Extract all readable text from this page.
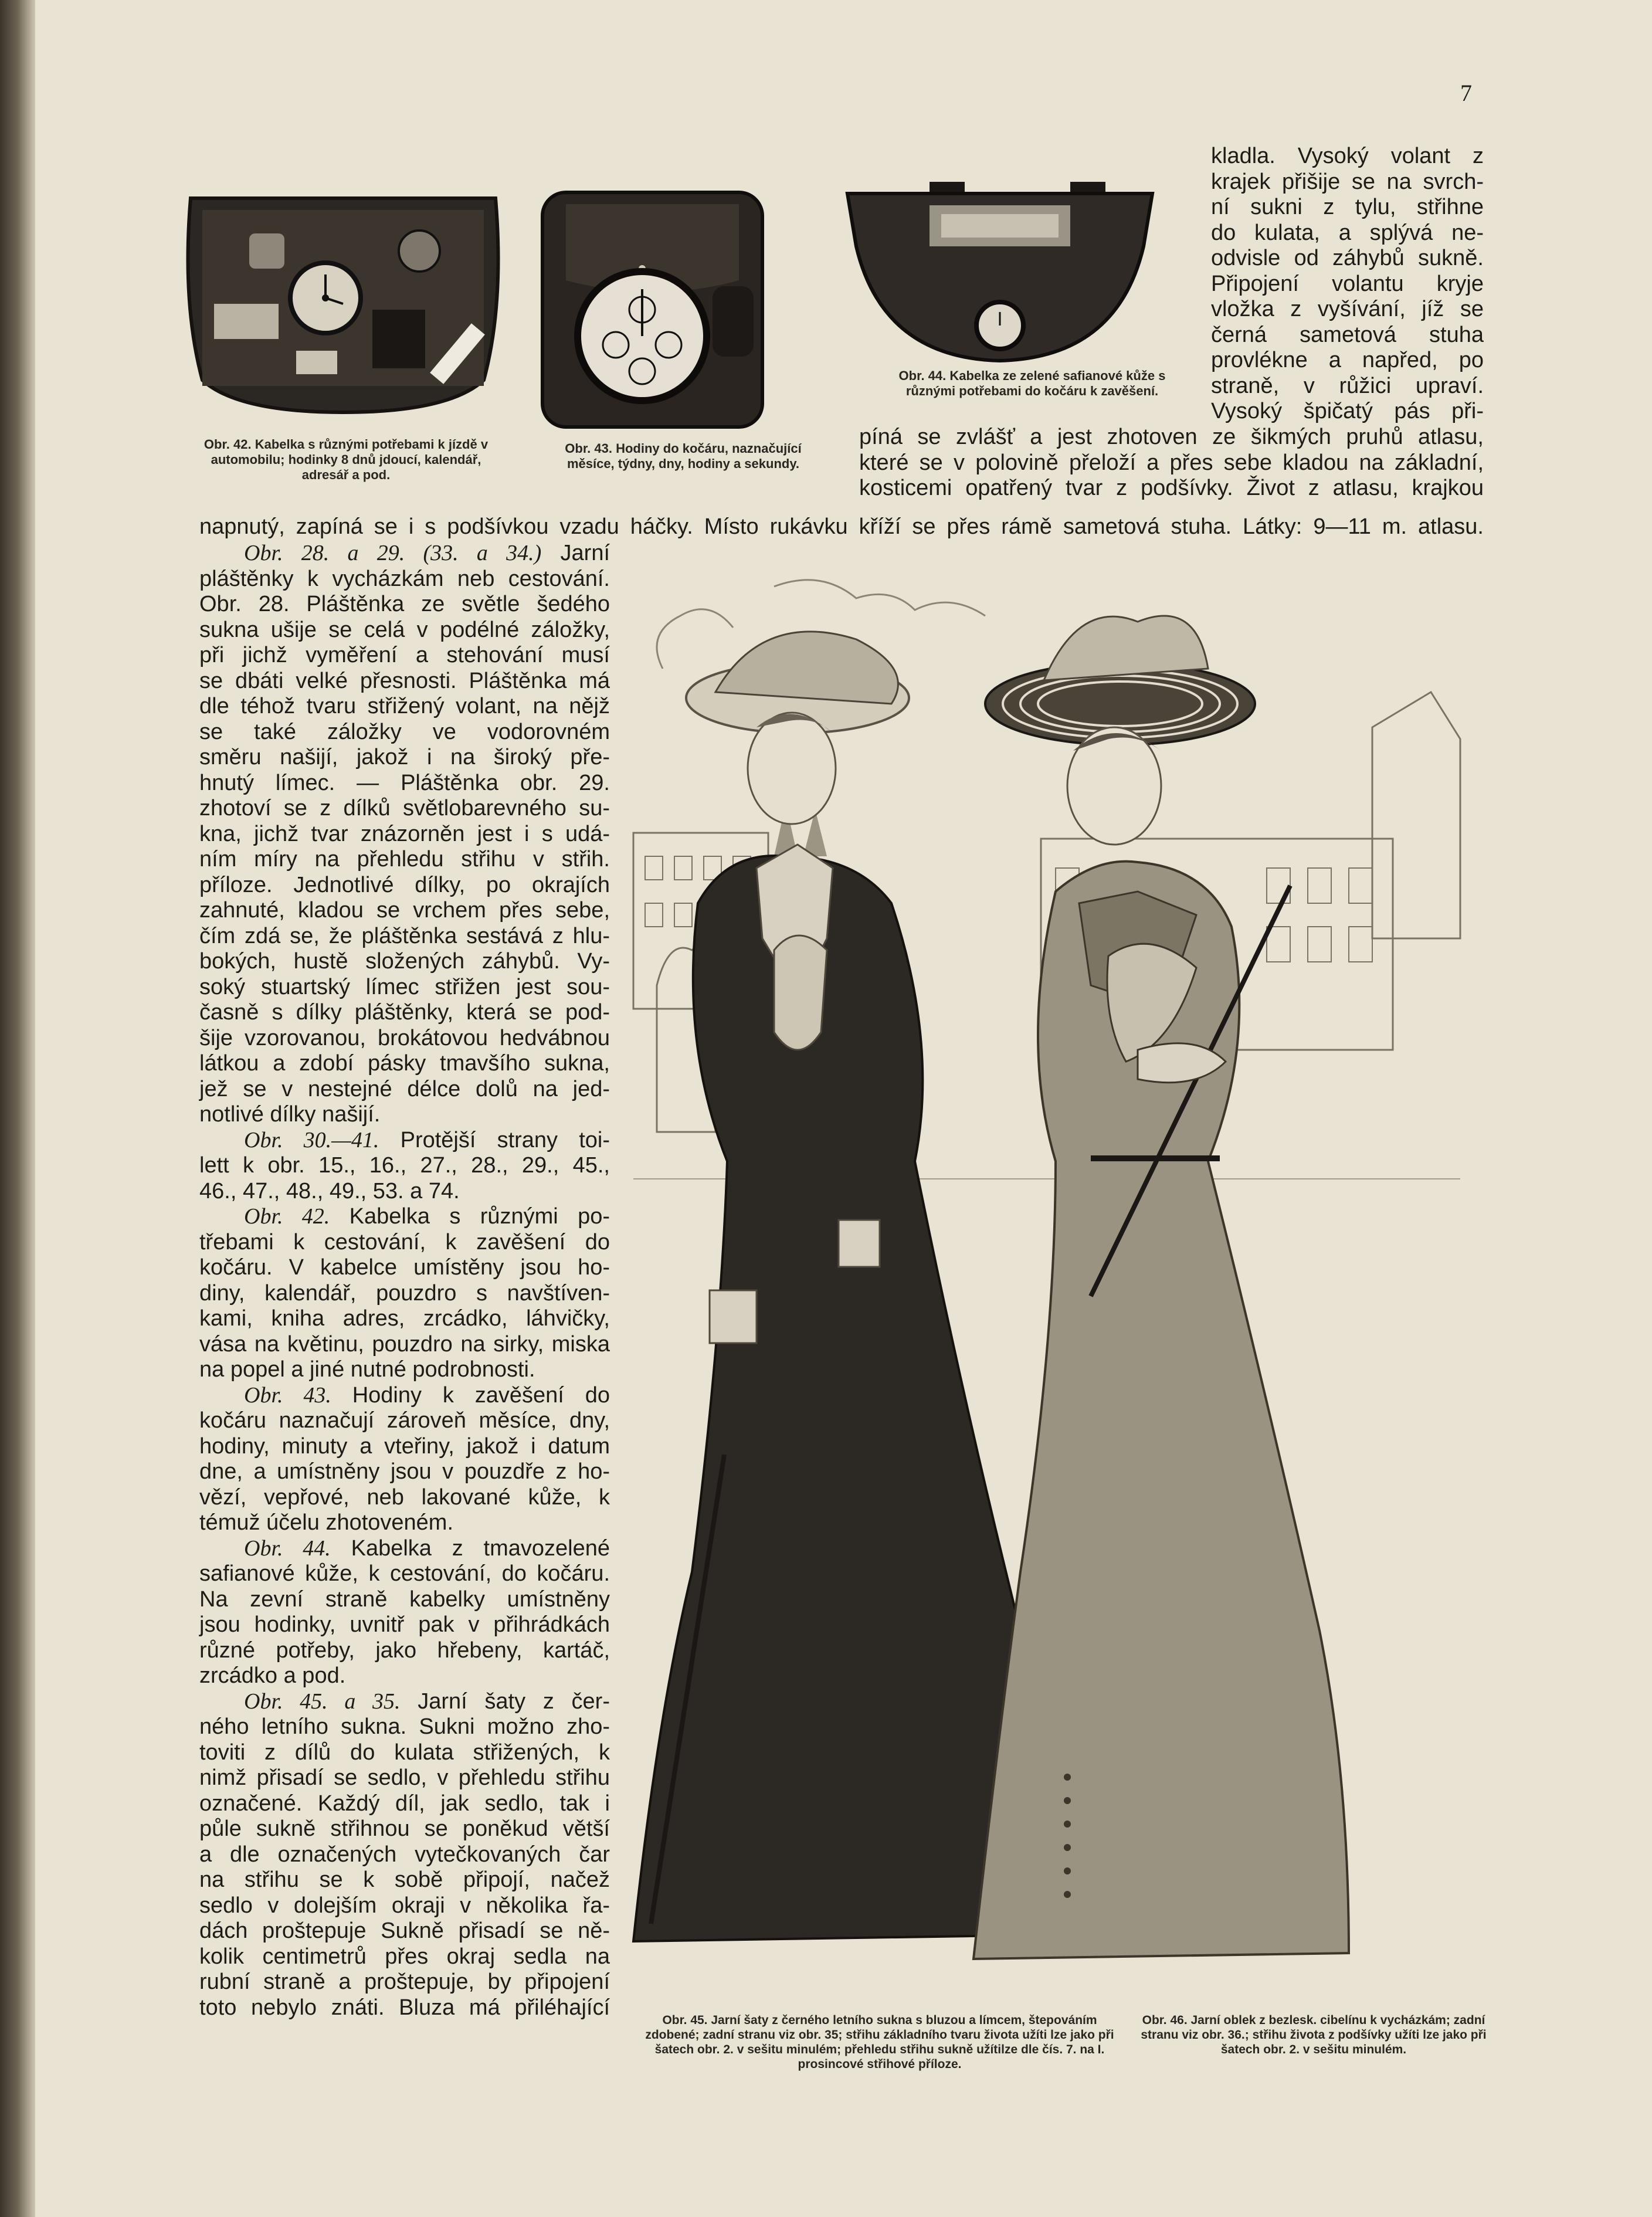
7
Obr. 42. Kabelka s různými potřebami k jízdě v automobilu; hodinky 8 dnů jdoucí, kalendář, adresář a pod.
Obr. 43. Hodiny do kočáru, naznačující měsíce, týdny, dny, hodiny a sekundy.
Obr. 44. Kabelka ze zelené safianové kůže s různými potřebami do kočáru k zavěšení.

kladla. Vysoký volant z

krajek přišije se na svrch-

ní sukni z tylu, střihne

do kulata, a splývá ne-

odvisle od záhybů sukně.

Připojení volantu kryje

vložka z vyšívání, jíž se

černá sametová stuha

provlékne a napřed, po

straně, v růžici upraví.

Vysoký špičatý pás při-

píná se zvlášť a jest zhotoven ze šikmých pruhů atlasu,

které se v polovině přeloží a přes sebe kladou na základní,

kosticemi opatřený tvar z podšívky. Život z atlasu, krajkou

napnutý, zapíná se i s podšívkou vzadu háčky. Místo rukávku kříží se přes rámě sametová stuha. Látky: 9—11 m. atlasu.

Obr. 28. a 29. (33. a 34.) Jarní

pláštěnky k vycházkám neb cestování.

Obr. 28. Pláštěnka ze světle šedého

sukna ušije se celá v podélné záložky,

při jichž vyměření a stehování musí

se dbáti velké přesnosti. Pláštěnka má

dle téhož tvaru střižený volant, na nějž

se také záložky ve vodorovném

směru našijí, jakož i na široký pře-

hnutý límec. — Pláštěnka obr. 29.

zhotoví se z dílků světlobarevného su-

kna, jichž tvar znázorněn jest i s udá-

ním míry na přehledu střihu v střih.

příloze. Jednotlivé dílky, po okrajích

zahnuté, kladou se vrchem přes sebe,

čím zdá se, že pláštěnka sestává z hlu-

bokých, hustě složených záhybů. Vy-

soký stuartský límec střižen jest sou-

časně s dílky pláštěnky, která se pod-

šije vzorovanou, brokátovou hedvábnou

látkou a zdobí pásky tmavšího sukna,

jež se v nestejné délce dolů na jed-

notlivé dílky našijí.

Obr. 30.—41. Protější strany toi-

lett k obr. 15., 16., 27., 28., 29., 45.,

46., 47., 48., 49., 53. a 74.

Obr. 42. Kabelka s různými po-

třebami k cestování, k zavěšení do

kočáru. V kabelce umístěny jsou ho-

diny, kalendář, pouzdro s navštíven-

kami, kniha adres, zrcádko, láhvičky,

vása na květinu, pouzdro na sirky, miska

na popel a jiné nutné podrobnosti.

Obr. 43. Hodiny k zavěšení do

kočáru naznačují zároveň měsíce, dny,

hodiny, minuty a vteřiny, jakož i datum

dne, a umístněny jsou v pouzdře z ho-

vězí, vepřové, neb lakované kůže, k

témuž účelu zhotoveném.

Obr. 44. Kabelka z tmavozelené

safianové kůže, k cestování, do kočáru.

Na zevní straně kabelky umístněny

jsou hodinky, uvnitř pak v přihrádkách

různé potřeby, jako hřebeny, kartáč,

zrcádko a pod.

Obr. 45. a 35. Jarní šaty z čer-

ného letního sukna. Sukni možno zho-

toviti z dílů do kulata střižených, k

nimž přisadí se sedlo, v přehledu střihu

označené. Každý díl, jak sedlo, tak i

půle sukně střihnou se poněkud větší

a dle označených vytečkovaných čar

na střihu se k sobě připojí, načež

sedlo v dolejším okraji v několika řa-

dách proštepuje Sukně přisadí se ně-

kolik centimetrů přes okraj sedla na

rubní straně a proštepuje, by připojení

toto nebylo znáti. Bluza má přiléhající

Obr. 45. Jarní šaty z černého letního sukna s bluzou a límcem, štepováním zdobené; zadní stranu viz obr. 35; střihu základního tvaru života užíti lze jako při šatech obr. 2. v sešitu minulém; přehledu střihu sukně užítilze dle čís. 7. na I. prosincové střihové příloze.
Obr. 46. Jarní oblek z bezlesk. cibelínu k vycházkám; zadní stranu viz obr. 36.; střihu života z podšívky užíti lze jako při šatech obr. 2. v sešitu minulém.
